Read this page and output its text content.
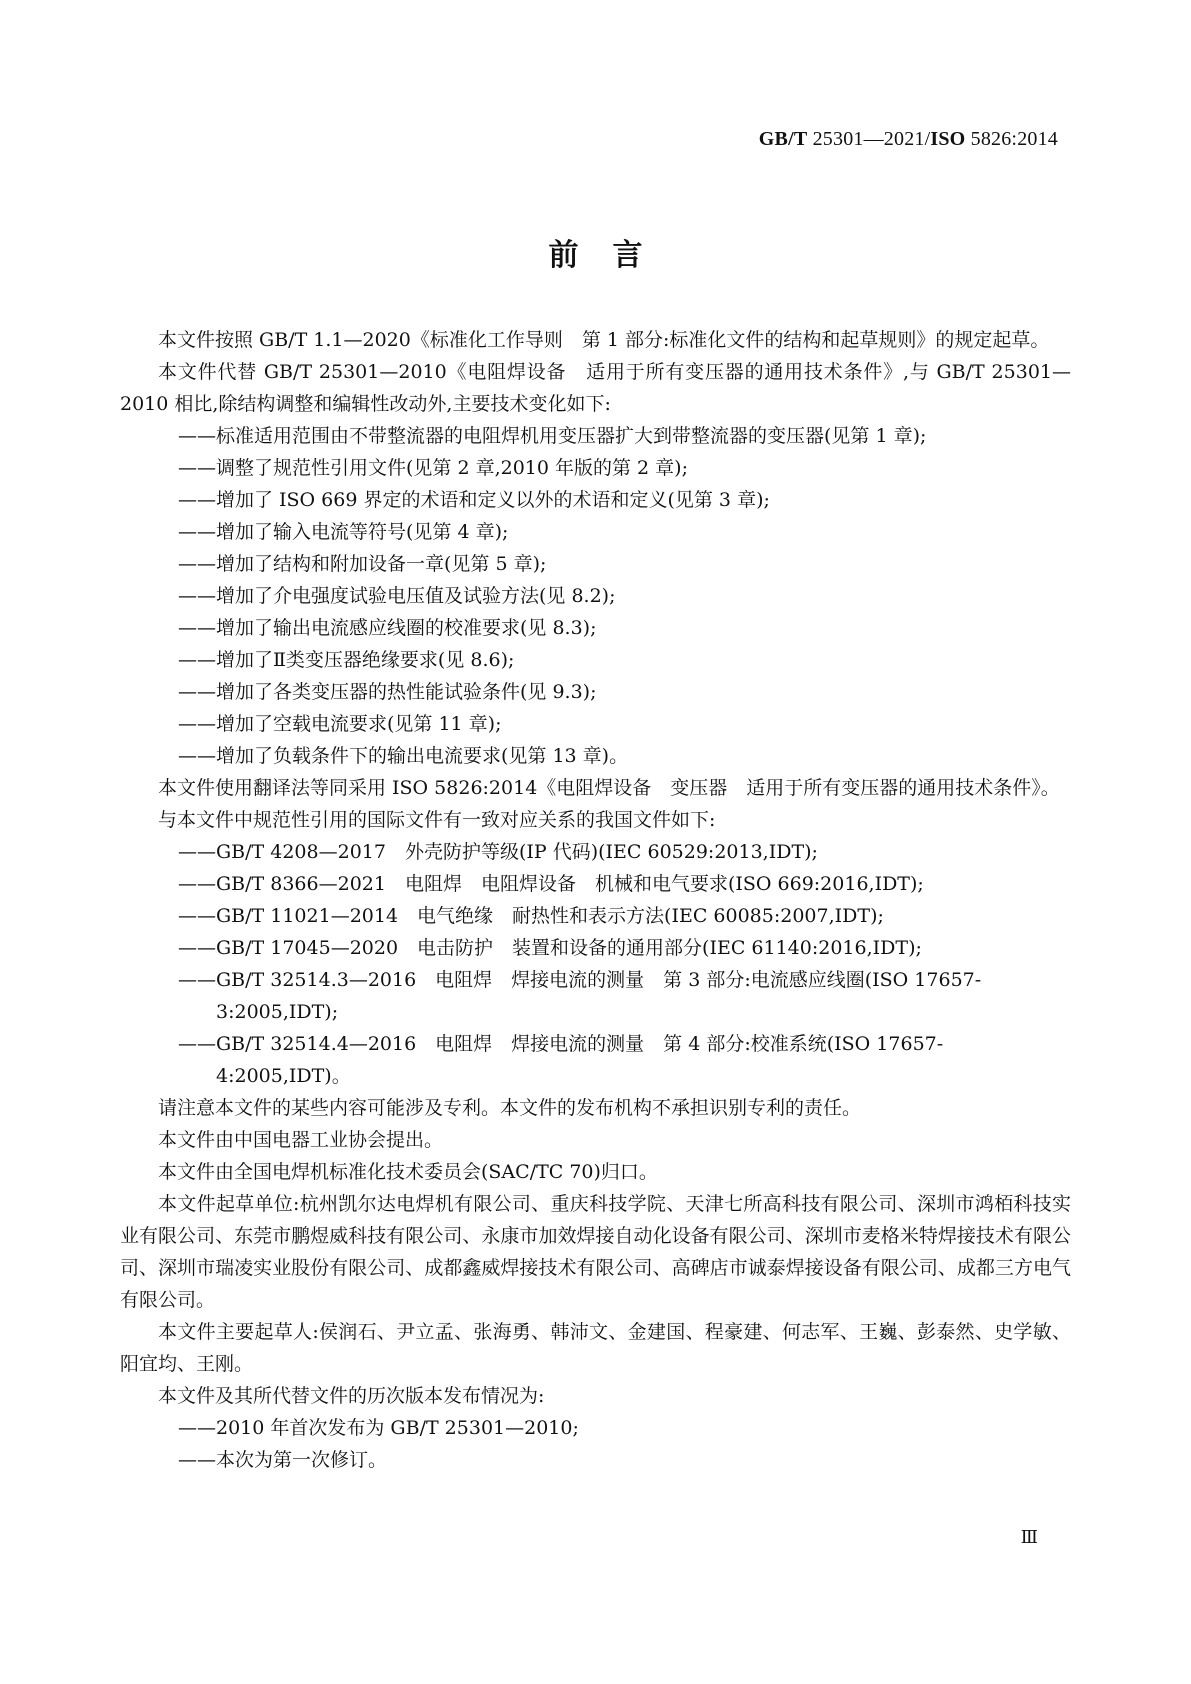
GB/T 25301—2021/ISO 5826:2014
前言

本文件按照 GB/T 1.1—2020《标准化工作导则　第 1 部分:标准化文件的结构和起草规则》的规定起草。

本文件代替 GB/T 25301—2010《电阻焊设备　适用于所有变压器的通用技术条件》,与 GB/T 25301—2010 相比,除结构调整和编辑性改动外,主要技术变化如下:

——标准适用范围由不带整流器的电阻焊机用变压器扩大到带整流器的变压器(见第 1 章);
——调整了规范性引用文件(见第 2 章,2010 年版的第 2 章);
——增加了 ISO 669 界定的术语和定义以外的术语和定义(见第 3 章);
——增加了输入电流等符号(见第 4 章);
——增加了结构和附加设备一章(见第 5 章);
——增加了介电强度试验电压值及试验方法(见 8.2);
——增加了输出电流感应线圈的校准要求(见 8.3);
——增加了Ⅱ类变压器绝缘要求(见 8.6);
——增加了各类变压器的热性能试验条件(见 9.3);
——增加了空载电流要求(见第 11 章);
——增加了负载条件下的输出电流要求(见第 13 章)。

本文件使用翻译法等同采用 ISO 5826:2014《电阻焊设备　变压器　适用于所有变压器的通用技术条件》。

与本文件中规范性引用的国际文件有一致对应关系的我国文件如下:

——GB/T 4208—2017　外壳防护等级(IP 代码)(IEC 60529:2013,IDT);
——GB/T 8366—2021　电阻焊　电阻焊设备　机械和电气要求(ISO 669:2016,IDT);
——GB/T 11021—2014　电气绝缘　耐热性和表示方法(IEC 60085:2007,IDT);
——GB/T 17045—2020　电击防护　装置和设备的通用部分(IEC 61140:2016,IDT);
——GB/T 32514.3—2016　电阻焊　焊接电流的测量　第 3 部分:电流感应线圈(ISO 17657-3:2005,IDT);
——GB/T 32514.4—2016　电阻焊　焊接电流的测量　第 4 部分:校准系统(ISO 17657-4:2005,IDT)。

请注意本文件的某些内容可能涉及专利。本文件的发布机构不承担识别专利的责任。

本文件由中国电器工业协会提出。

本文件由全国电焊机标准化技术委员会(SAC/TC 70)归口。

本文件起草单位:杭州凯尔达电焊机有限公司、重庆科技学院、天津七所高科技有限公司、深圳市鸿栢科技实业有限公司、东莞市鹏煜威科技有限公司、永康市加效焊接自动化设备有限公司、深圳市麦格米特焊接技术有限公司、深圳市瑞凌实业股份有限公司、成都鑫威焊接技术有限公司、高碑店市诚泰焊接设备有限公司、成都三方电气有限公司。

本文件主要起草人:侯润石、尹立孟、张海勇、韩沛文、金建国、程豪建、何志军、王巍、彭泰然、史学敏、阳宜均、王刚。

本文件及其所代替文件的历次版本发布情况为:

——2010 年首次发布为 GB/T 25301—2010;
——本次为第一次修订。
Ⅲ
